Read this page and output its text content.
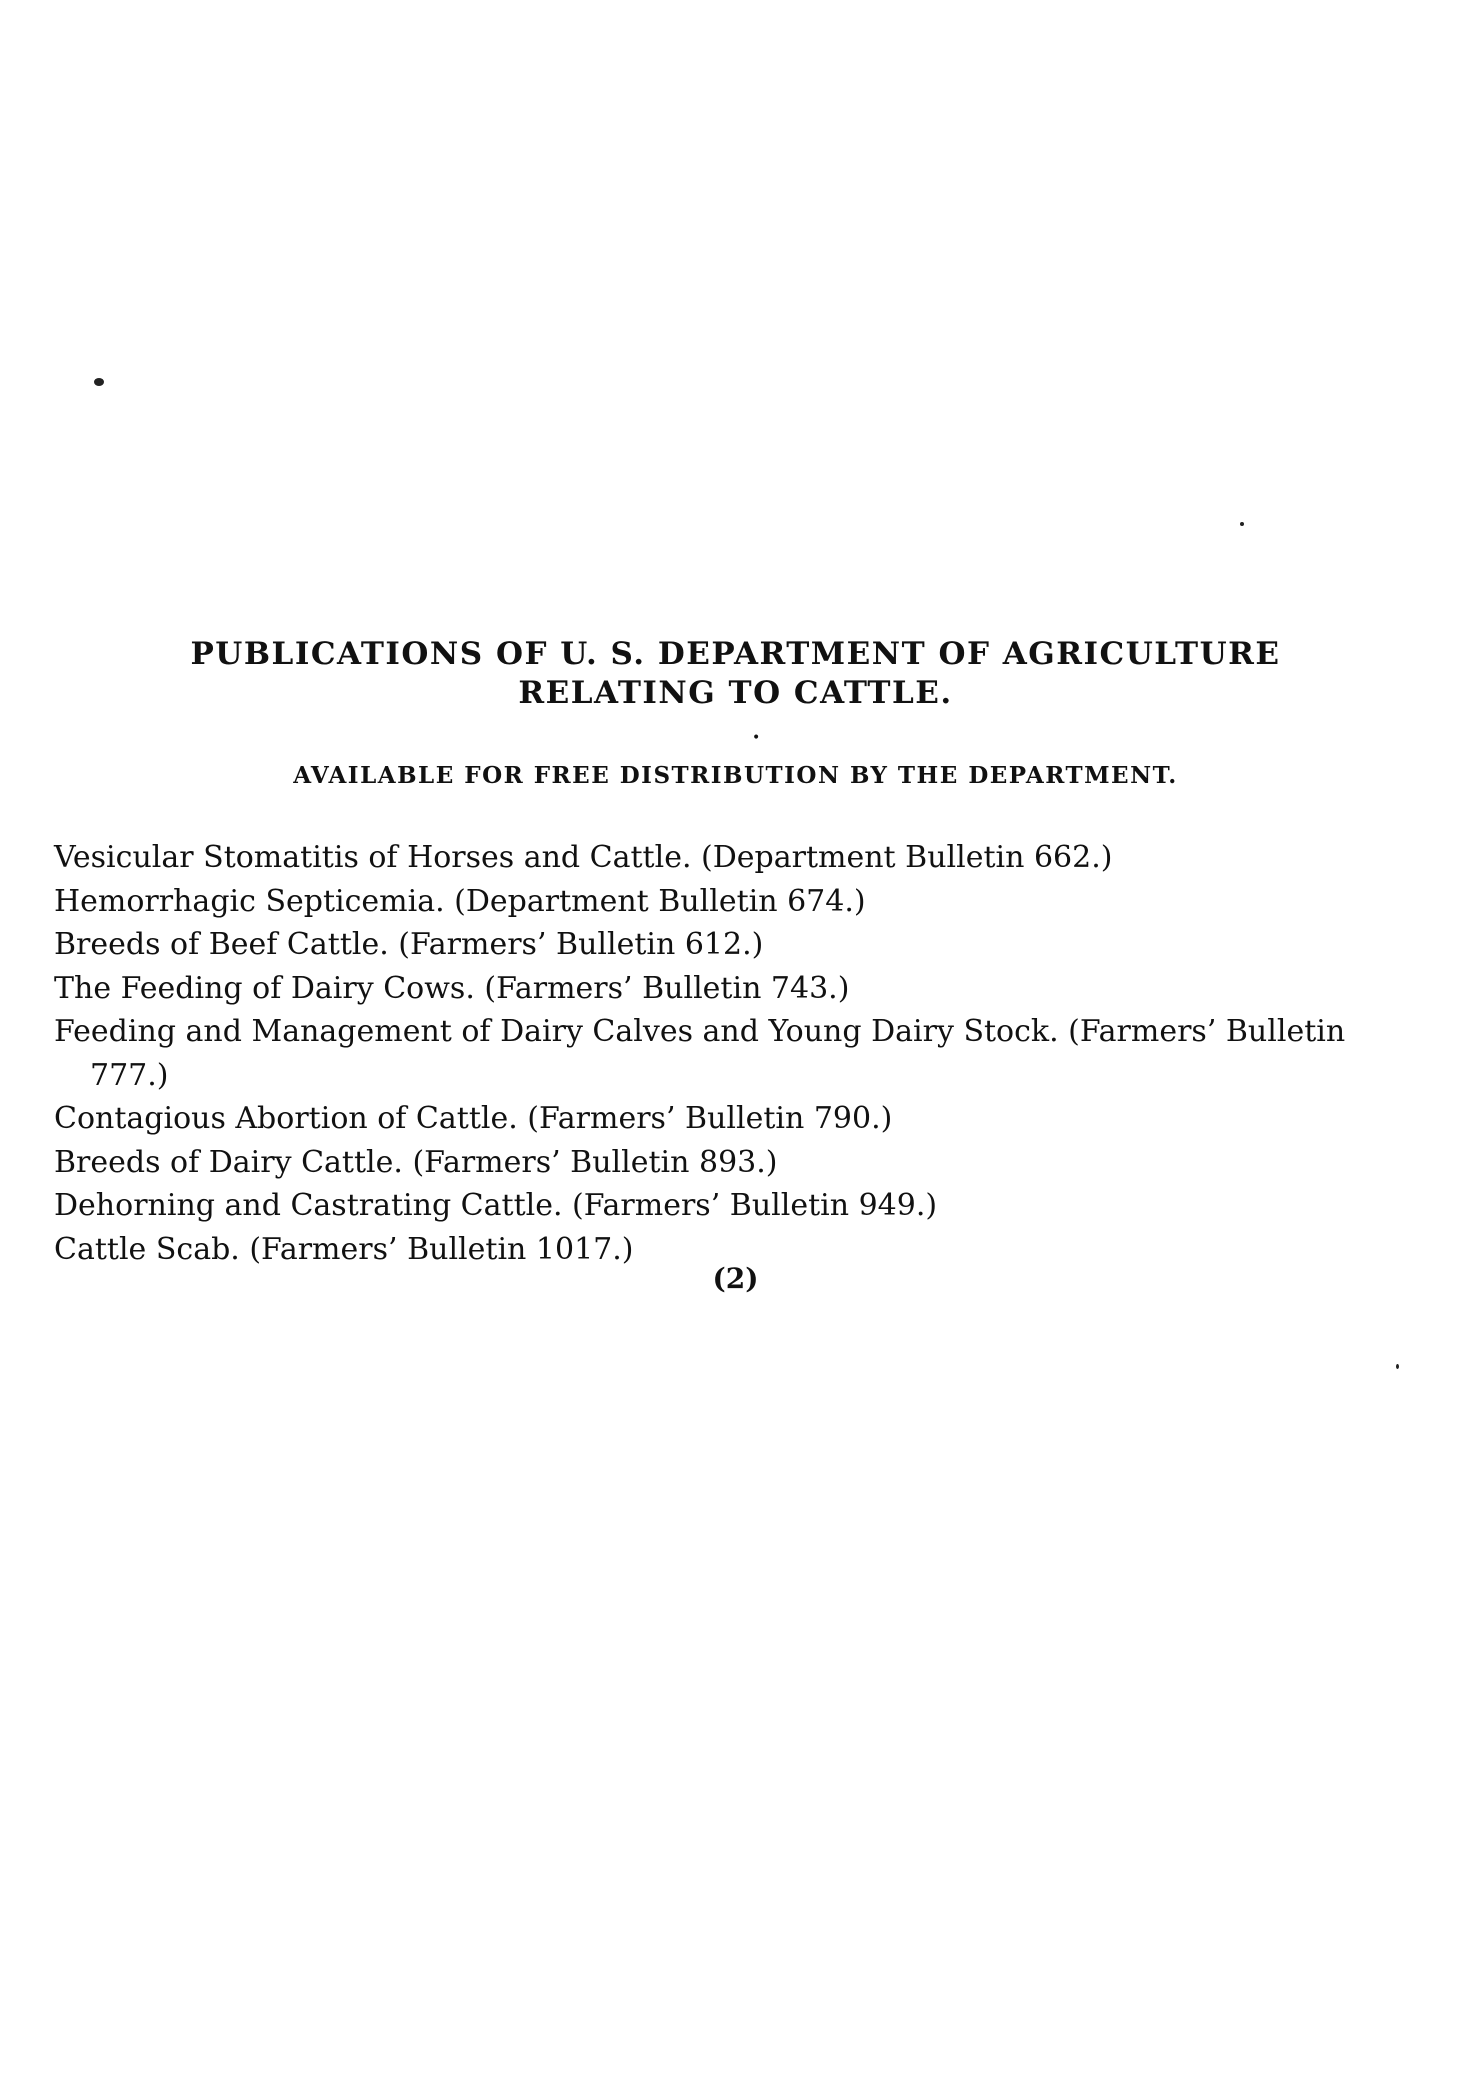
PUBLICATIONS OF U. S. DEPARTMENT OF AGRICULTURE
RELATING TO CATTLE.
•
AVAILABLE FOR FREE DISTRIBUTION BY THE DEPARTMENT.
Vesicular Stomatitis of Horses and Cattle. (Department Bulletin 662.)
Hemorrhagic Septicemia. (Department Bulletin 674.)
Breeds of Beef Cattle. (Farmers’ Bulletin 612.)
The Feeding of Dairy Cows. (Farmers’ Bulletin 743.)
Feeding and Management of Dairy Calves and Young Dairy Stock. (Farmers’ Bulletin 777.)
Contagious Abortion of Cattle. (Farmers’ Bulletin 790.)
Breeds of Dairy Cattle. (Farmers’ Bulletin 893.)
Dehorning and Castrating Cattle. (Farmers’ Bulletin 949.)
Cattle Scab. (Farmers’ Bulletin 1017.)

(2)
